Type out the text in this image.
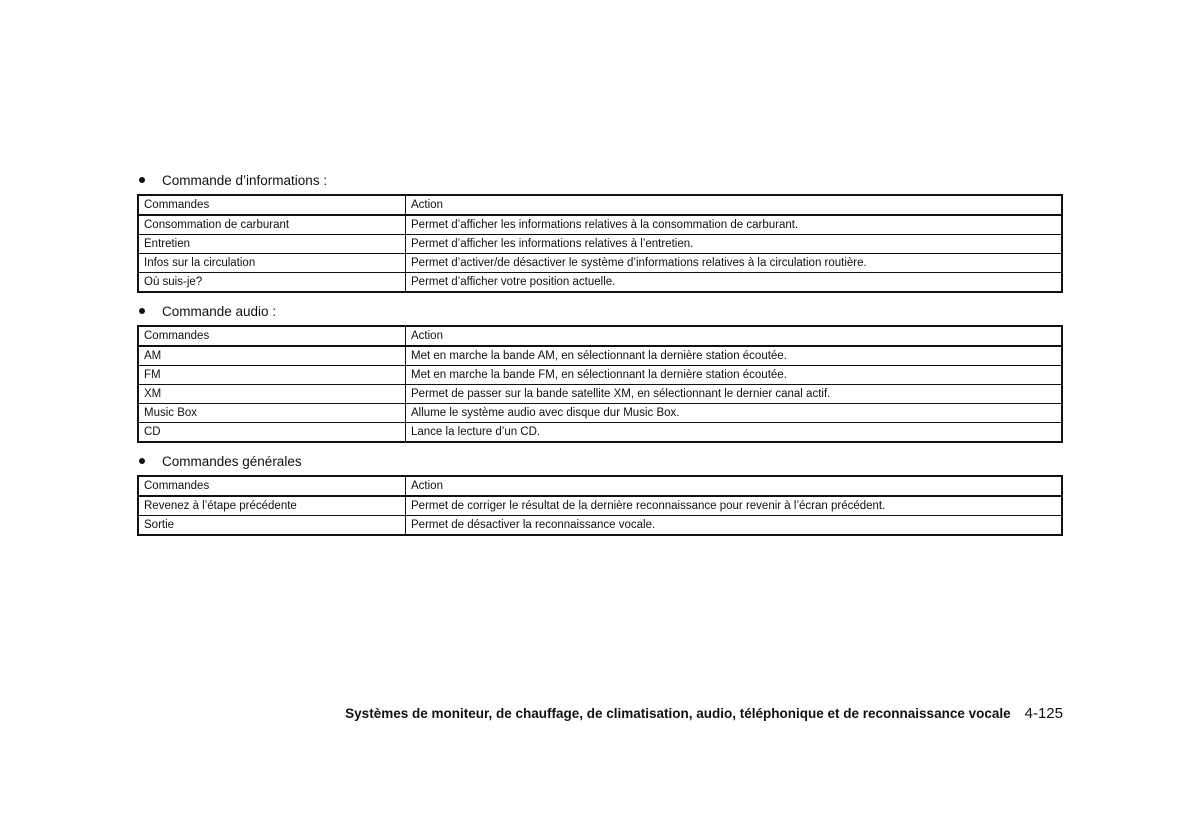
Commande d’informations :
Commandes	Action
Consommation de carburant	Permet d’afficher les informations relatives à la consommation de carburant.
Entretien	Permet d’afficher les informations relatives à l’entretien.
Infos sur la circulation	Permet d’activer/de désactiver le système d’informations relatives à la circulation routière.
Où suis-je?	Permet d’afficher votre position actuelle.
Commande audio :
Commandes	Action
AM	Met en marche la bande AM, en sélectionnant la dernière station écoutée.
FM	Met en marche la bande FM, en sélectionnant la dernière station écoutée.
XM	Permet de passer sur la bande satellite XM, en sélectionnant le dernier canal actif.
Music Box	Allume le système audio avec disque dur Music Box.
CD	Lance la lecture d’un CD.
Commandes générales
Commandes	Action
Revenez à l’étape précédente	Permet de corriger le résultat de la dernière reconnaissance pour revenir à l’écran précédent.
Sortie	Permet de désactiver la reconnaissance vocale.
Systèmes de moniteur, de chauffage, de climatisation, audio, téléphonique et de reconnaissance vocale 4-125
